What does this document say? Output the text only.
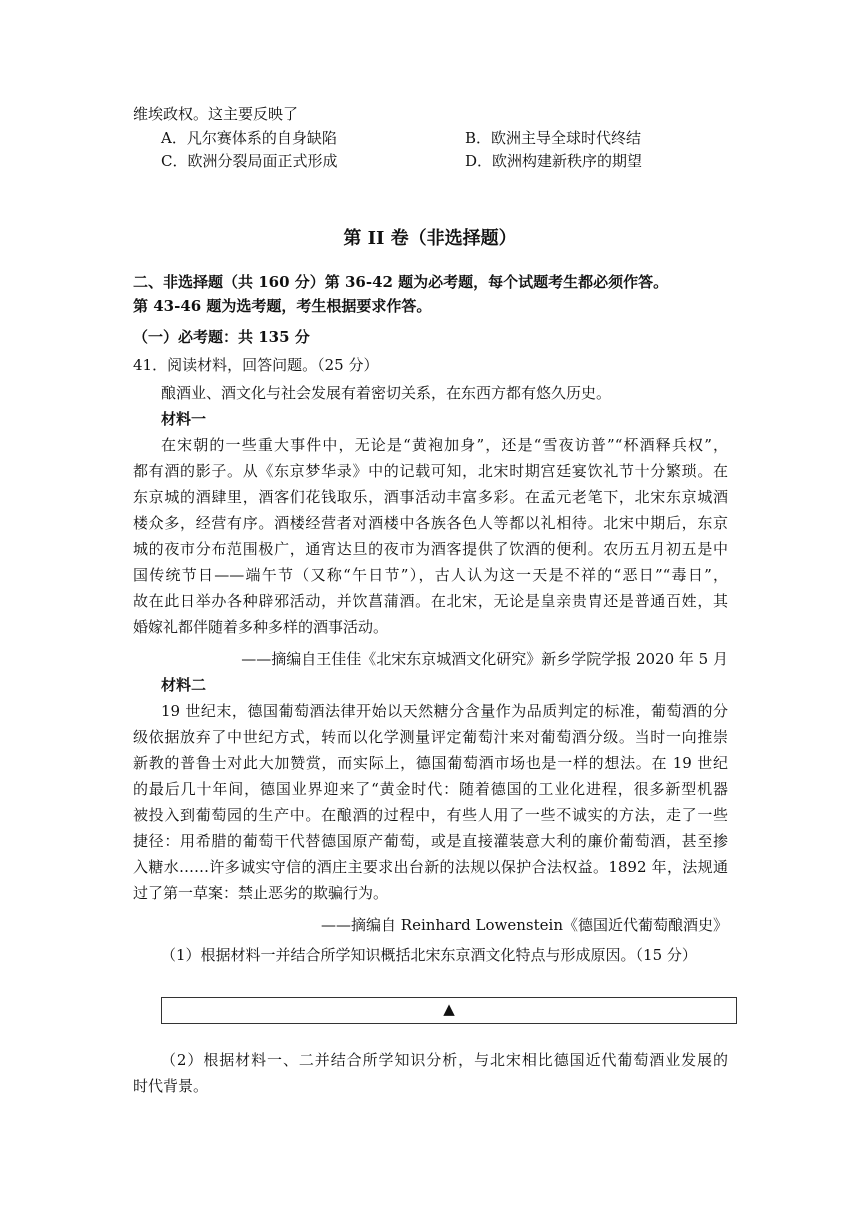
维埃政权。这主要反映了
A．凡尔赛体系的自身缺陷	B．欧洲主导全球时代终结
C．欧洲分裂局面正式形成	D．欧洲构建新秩序的期望
第 II 卷（非选择题）
二、非选择题（共 160 分）第 36-42 题为必考题，每个试题考生都必须作答。
第 43-46 题为选考题，考生根据要求作答。
（一）必考题：共 135 分
41．阅读材料，回答问题。（25 分）
酿酒业、酒文化与社会发展有着密切关系，在东西方都有悠久历史。
材料一
在宋朝的一些重大事件中，无论是“黄袍加身”，还是“雪夜访普”“杯酒释兵权”，
都有酒的影子。从《东京梦华录》中的记载可知，北宋时期宫廷宴饮礼节十分繁琐。在
东京城的酒肆里，酒客们花钱取乐，酒事活动丰富多彩。在孟元老笔下，北宋东京城酒
楼众多，经营有序。酒楼经营者对酒楼中各族各色人等都以礼相待。北宋中期后，东京
城的夜市分布范围极广，通宵达旦的夜市为酒客提供了饮酒的便利。农历五月初五是中
国传统节日——端午节（又称“午日节”），古人认为这一天是不祥的“恶日”“毒日”，
故在此日举办各种辟邪活动，并饮菖蒲酒。在北宋，无论是皇亲贵胄还是普通百姓，其
婚嫁礼都伴随着多种多样的酒事活动。
——摘编自王佳佳《北宋东京城酒文化研究》新乡学院学报 2020 年 5 月
材料二
19 世纪末，德国葡萄酒法律开始以天然糖分含量作为品质判定的标准，葡萄酒的分
级依据放弃了中世纪方式，转而以化学测量评定葡萄汁来对葡萄酒分级。当时一向推崇
新教的普鲁士对此大加赞赏，而实际上，德国葡萄酒市场也是一样的想法。在 19 世纪
的最后几十年间，德国业界迎来了“黄金时代：随着德国的工业化进程，很多新型机器
被投入到葡萄园的生产中。在酿酒的过程中，有些人用了一些不诚实的方法，走了一些
捷径：用希腊的葡萄干代替德国原产葡萄，或是直接灌装意大利的廉价葡萄酒，甚至掺
入糖水……许多诚实守信的酒庄主要求出台新的法规以保护合法权益。1892 年，法规通
过了第一草案：禁止恶劣的欺骗行为。
——摘编自 Reinhard Lowenstein《德国近代葡萄酿酒史》
（1）根据材料一并结合所学知识概括北宋东京酒文化特点与形成原因。（15 分）
▲
（2）根据材料一、二并结合所学知识分析，与北宋相比德国近代葡萄酒业发展的
时代背景。
